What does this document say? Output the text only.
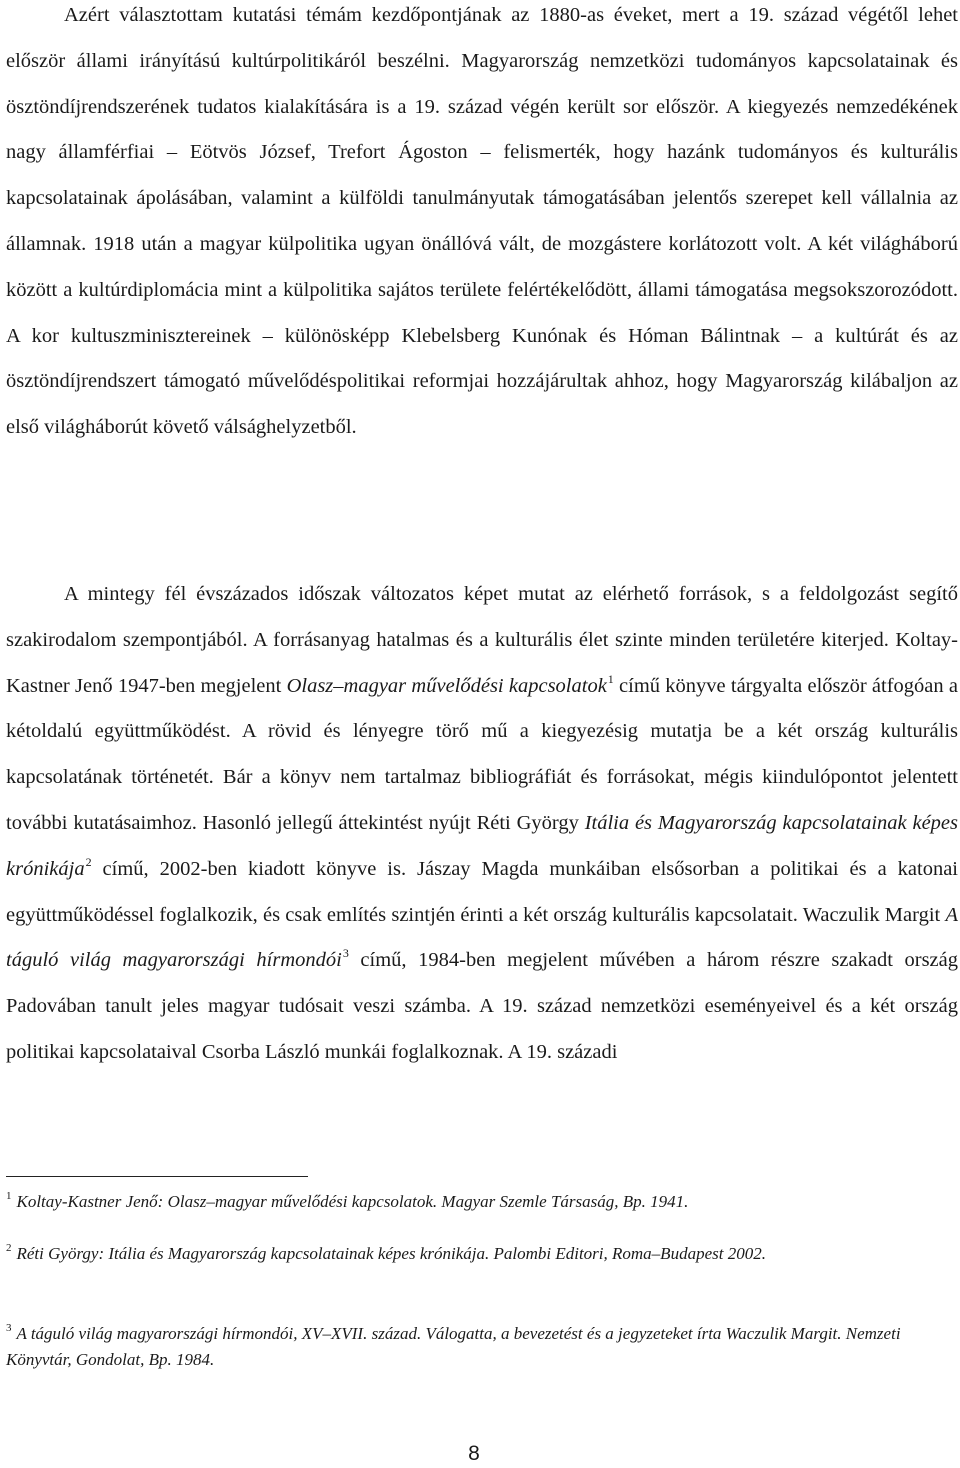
Azért választottam kutatási témám kezdőpontjának az 1880-as éveket, mert a 19. század végétől lehet először állami irányítású kultúrpolitikáról beszélni. Magyarország nemzetközi tudományos kapcsolatainak és ösztöndíjrendszerének tudatos kialakítására is a 19. század végén került sor először. A kiegyezés nemzedékének nagy államférfiai – Eötvös József, Trefort Ágoston – felismerték, hogy hazánk tudományos és kulturális kapcsolatainak ápolásában, valamint a külföldi tanulmányutak támogatásában jelentős szerepet kell vállalnia az államnak. 1918 után a magyar külpolitika ugyan önállóvá vált, de mozgástere korlátozott volt. A két világháború között a kultúrdiplomácia mint a külpolitika sajátos területe felértékelődött, állami támogatása megsokszorozódott. A kor kultuszminisztereinek – különösképp Klebelsberg Kunónak és Hóman Bálintnak – a kultúrát és az ösztöndíjrendszert támogató művelődéspolitikai reformjai hozzájárultak ahhoz, hogy Magyarország kilábaljon az első világháborút követő válsághelyzetből.

A mintegy fél évszázados időszak változatos képet mutat az elérhető források, s a feldolgozást segítő szakirodalom szempontjából. A forrásanyag hatalmas és a kulturális élet szinte minden területére kiterjed. Koltay-Kastner Jenő 1947-ben megjelent Olasz–magyar művelődési kapcsolatok$^1$ című könyve tárgyalta először átfogóan a kétoldalú együttműködést. A rövid és lényegre törő mű a kiegyezésig mutatja be a két ország kulturális kapcsolatának történetét. Bár a könyv nem tartalmaz bibliográfiát és forrásokat, mégis kiindulópontot jelentett további kutatásaimhoz. Hasonló jellegű áttekintést nyújt Réti György Itália és Magyarország kapcsolatainak képes krónikája$^2$ című, 2002-ben kiadott könyve is. Jászay Magda munkáiban elsősorban a politikai és a katonai együttműködéssel foglalkozik, és csak említés szintjén érinti a két ország kulturális kapcsolatait. Waczulik Margit A táguló világ magyarországi hírmondói$^3$ című, 1984-ben megjelent művében a három részre szakadt ország Padovában tanult jeles magyar tudósait veszi számba. A 19. század nemzetközi eseményeivel és a két ország politikai kapcsolataival Csorba László munkái foglalkoznak. A 19. századi

$^1$ Koltay-Kastner Jenő: Olasz–magyar művelődési kapcsolatok. Magyar Szemle Társaság, Bp. 1941.

$^2$ Réti György: Itália és Magyarország kapcsolatainak képes krónikája. Palombi Editori, Roma–Budapest 2002.

$^3$ A táguló világ magyarországi hírmondói, XV–XVII. század. Válogatta, a bevezetést és a jegyzeteket írta Waczulik Margit. Nemzeti Könyvtár, Gondolat, Bp. 1984.

8
